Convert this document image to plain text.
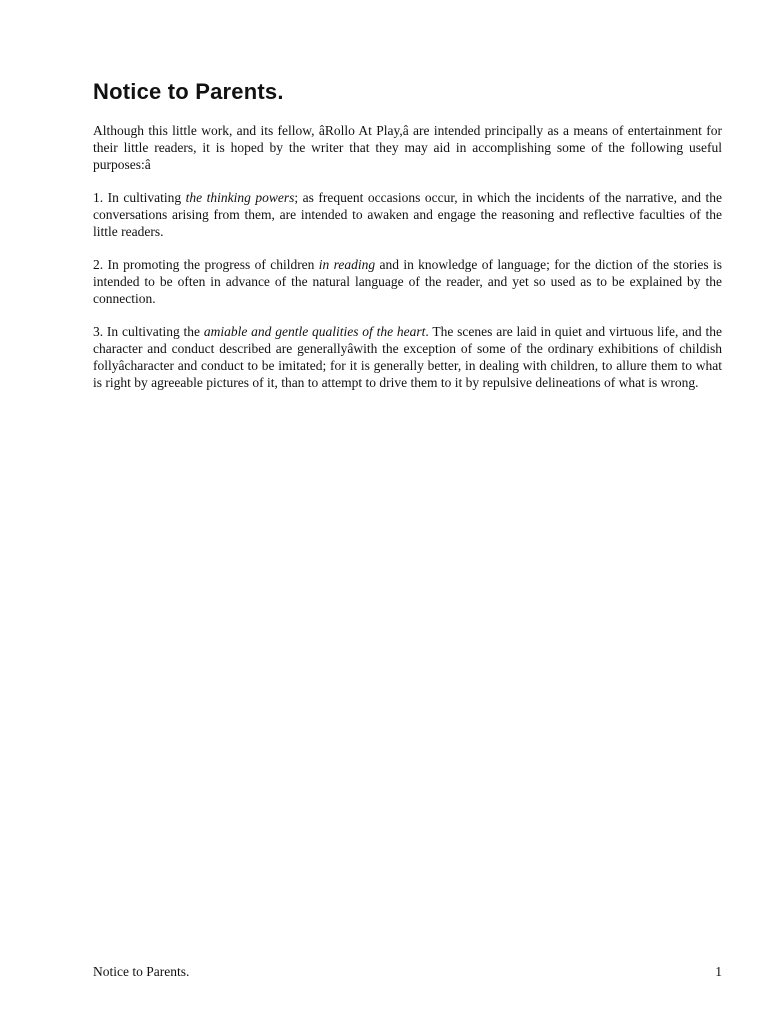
Notice to Parents.

Although this little work, and its fellow, âRollo At Play,â are intended principally as a means of entertainment for their little readers, it is hoped by the writer that they may aid in accomplishing some of the following useful purposes:â

1. In cultivating the thinking powers; as frequent occasions occur, in which the incidents of the narrative, and the conversations arising from them, are intended to awaken and engage the reasoning and reflective faculties of the little readers.

2. In promoting the progress of children in reading and in knowledge of language; for the diction of the stories is intended to be often in advance of the natural language of the reader, and yet so used as to be explained by the connection.

3. In cultivating the amiable and gentle qualities of the heart. The scenes are laid in quiet and virtuous life, and the character and conduct described are generallyâwith the exception of some of the ordinary exhibitions of childish follyâcharacter and conduct to be imitated; for it is generally better, in dealing with children, to allure them to what is right by agreeable pictures of it, than to attempt to drive them to it by repulsive delineations of what is wrong.

Notice to Parents.	1
